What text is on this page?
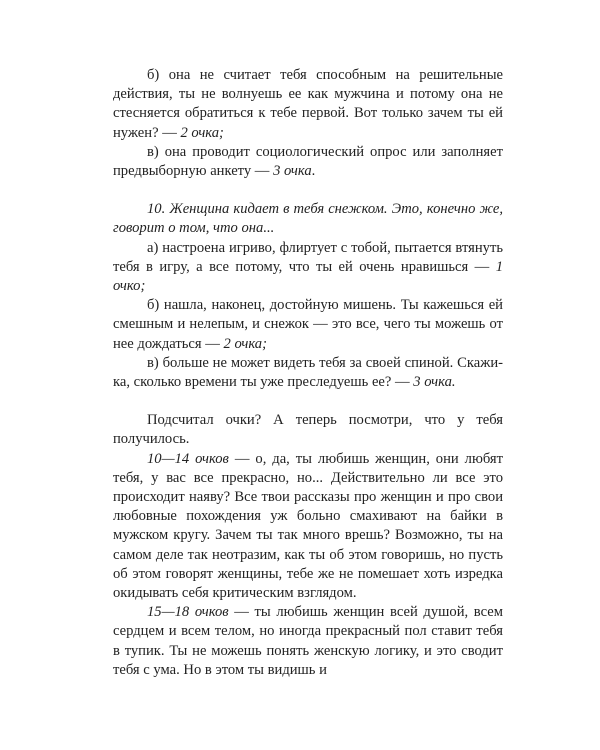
б) она не считает тебя способным на решительные действия, ты не волнуешь ее как мужчина и потому она не стесняется обратиться к тебе первой. Вот только зачем ты ей нужен? — 2 очка;

в) она проводит социологический опрос или заполняет предвыборную анкету — 3 очка.

10. Женщина кидает в тебя снежком. Это, конечно же, говорит о том, что она...

а) настроена игриво, флиртует с тобой, пытается втянуть тебя в игру, а все потому, что ты ей очень нравишься — 1 очко;

б) нашла, наконец, достойную мишень. Ты кажешься ей смешным и нелепым, и снежок — это все, чего ты можешь от нее дождаться — 2 очка;

в) больше не может видеть тебя за своей спиной. Скажи-ка, сколько времени ты уже преследуешь ее? — 3 очка.

Подсчитал очки? А теперь посмотри, что у тебя получилось.

10—14 очков — о, да, ты любишь женщин, они любят тебя, у вас все прекрасно, но... Действительно ли все это происходит наяву? Все твои рассказы про женщин и про свои любовные похождения уж больно смахивают на байки в мужском кругу. Зачем ты так много врешь? Возможно, ты на самом деле так неотразим, как ты об этом говоришь, но пусть об этом говорят женщины, тебе же не помешает хоть изредка окидывать себя критическим взглядом.

15—18 очков — ты любишь женщин всей душой, всем сердцем и всем телом, но иногда прекрасный пол ставит тебя в тупик. Ты не можешь понять женскую логику, и это сводит тебя с ума. Но в этом ты видишь и
